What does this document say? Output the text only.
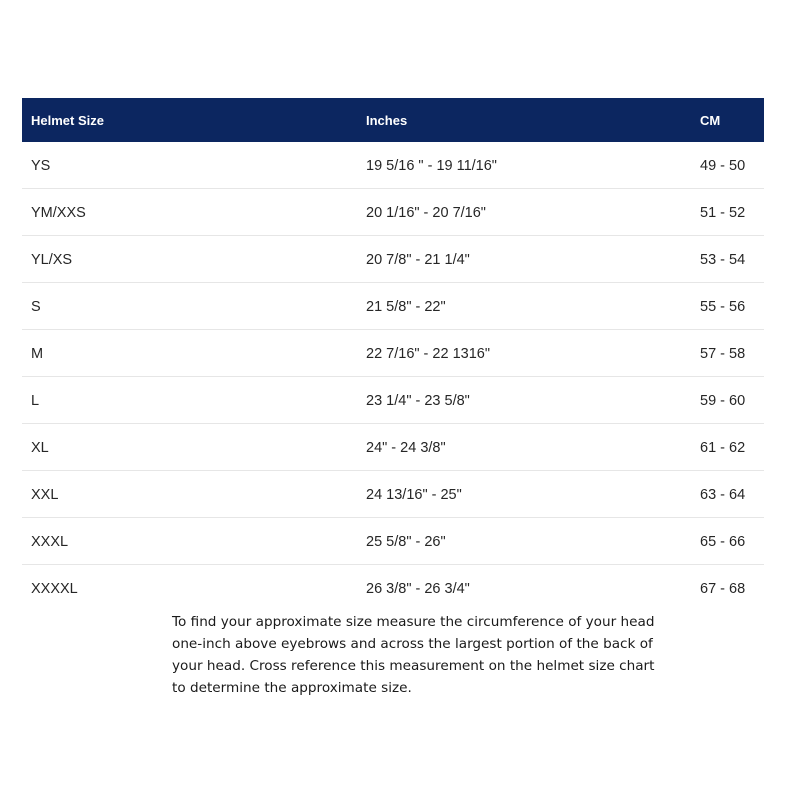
Helmet Size	Inches	CM
YS	19 5/16 " - 19 11/16"	49 - 50
YM/XXS	20 1/16" - 20 7/16"	51 - 52
YL/XS	20 7/8" - 21 1/4"	53 - 54
S	21 5/8" - 22"	55 - 56
M	22 7/16" - 22 1316"	57 - 58
L	23 1/4" - 23 5/8"	59 - 60
XL	24" - 24 3/8"	61 - 62
XXL	24 13/16" - 25"	63 - 64
XXXL	25 5/8" - 26"	65 - 66
XXXXL	26 3/8" - 26 3/4"	67 - 68

To find your approximate size measure the circumference of your head one-inch above eyebrows and across the largest portion of the back of your head. Cross reference this measurement on the helmet size chart to determine the approximate size.
